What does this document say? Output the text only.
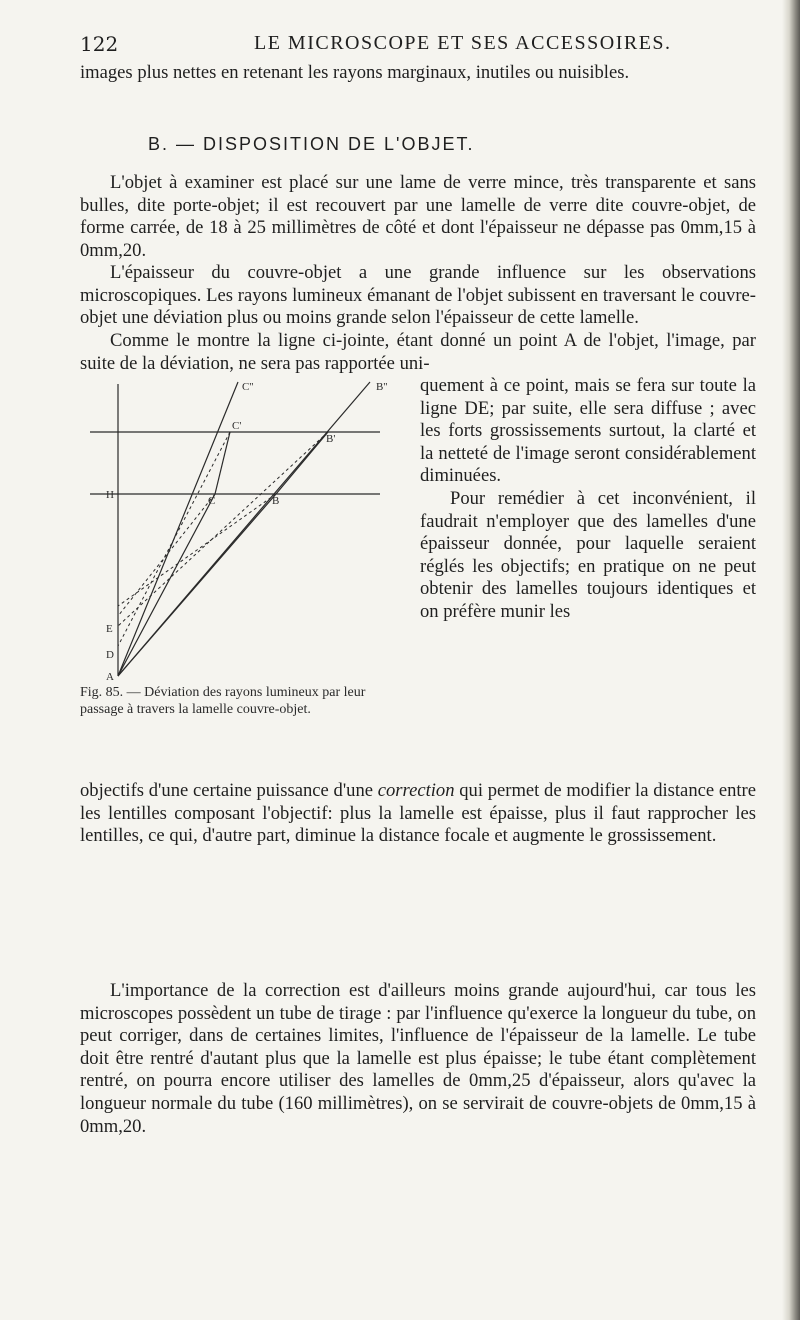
122	LE MICROSCOPE ET SES ACCESSOIRES.
images plus nettes en retenant les rayons marginaux, inutiles ou nuisibles.
B. — DISPOSITION DE L'OBJET.
L'objet à examiner est placé sur une lame de verre mince, très transparente et sans bulles, dite porte-objet; il est recouvert par une lamelle de verre dite couvre-objet, de forme carrée, de 18 à 25 millimètres de côté et dont l'épaisseur ne dépasse pas 0mm,15 à 0mm,20.
L'épaisseur du couvre-objet a une grande influence sur les observations microscopiques. Les rayons lumineux émanant de l'objet subissent en traversant le couvre-objet une déviation plus ou moins grande selon l'épaisseur de cette lamelle.
Comme le montre la ligne ci-jointe, étant donné un point A de l'objet, l'image, par suite de la déviation, ne sera pas rapportée uni-
C''	B''
C'
B'
C	B
H
E
D
A
Fig. 85. — Déviation des rayons lumineux par leur passage à travers la lamelle couvre-objet.
quement à ce point, mais se fera sur toute la ligne DE; par suite, elle sera diffuse ; avec les forts grossissements surtout, la clarté et la netteté de l'image seront considérablement diminuées.
Pour remédier à cet inconvénient, il faudrait n'employer que des lamelles d'une épaisseur donnée, pour laquelle seraient réglés les objectifs; en pratique on ne peut obtenir des lamelles toujours identiques et on préfère munir les
objectifs d'une certaine puissance d'une correction qui permet de modifier la distance entre les lentilles composant l'objectif: plus la lamelle est épaisse, plus il faut rapprocher les lentilles, ce qui, d'autre part, diminue la distance focale et augmente le grossissement.
L'importance de la correction est d'ailleurs moins grande aujourd'hui, car tous les microscopes possèdent un tube de tirage : par l'influence qu'exerce la longueur du tube, on peut corriger, dans de certaines limites, l'influence de l'épaisseur de la lamelle. Le tube doit être rentré d'autant plus que la lamelle est plus épaisse; le tube étant complètement rentré, on pourra encore utiliser des lamelles de 0mm,25 d'épaisseur, alors qu'avec la longueur normale du tube (160 millimètres), on se servirait de couvre-objets de 0mm,15 à 0mm,20.
